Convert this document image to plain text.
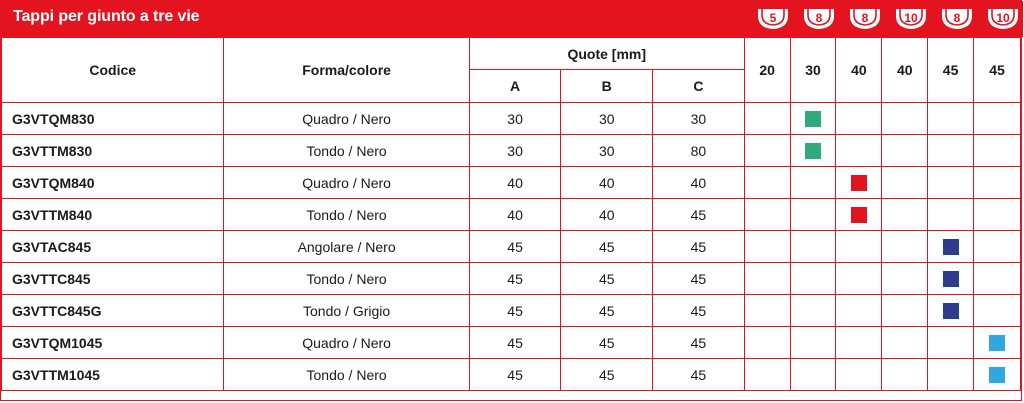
Tappi per giunto a tre vie	5	8	8	10	8	10
Codice	Forma/colore	Quote [mm]			20	30	40	40	45	45
		A	B	C						
G3VTQM830	Quadro / Nero	30	30	30						
G3VTTM830	Tondo / Nero	30	30	80						
G3VTQM840	Quadro / Nero	40	40	40						
G3VTTM840	Tondo / Nero	40	40	45						
G3VTAC845	Angolare / Nero	45	45	45						
G3VTTC845	Tondo / Nero	45	45	45						
G3VTTC845G	Tondo / Grigio	45	45	45						
G3VTQM1045	Quadro / Nero	45	45	45						
G3VTTM1045	Tondo / Nero	45	45	45						
